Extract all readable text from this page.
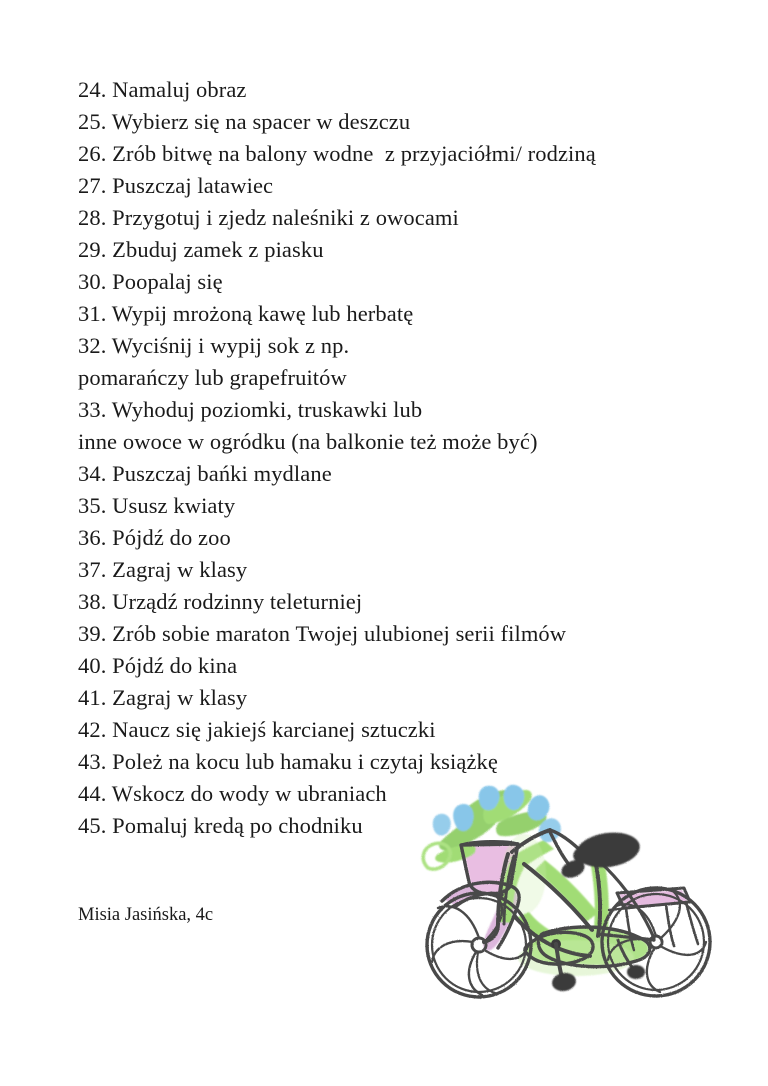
24. Namaluj obraz
25. Wybierz się na spacer w deszczu
26. Zrób bitwę na balony wodne  z przyjaciółmi/ rodziną
27. Puszczaj latawiec
28. Przygotuj i zjedz naleśniki z owocami
29. Zbuduj zamek z piasku
30. Poopalaj się
31. Wypij mrożoną kawę lub herbatę
32. Wyciśnij i wypij sok z np.
pomarańczy lub grapefruitów
33. Wyhoduj poziomki, truskawki lub
inne owoce w ogródku (na balkonie też może być)
34. Puszczaj bańki mydlane
35. Ususz kwiaty
36. Pójdź do zoo
37. Zagraj w klasy
38. Urządź rodzinny teleturniej
39. Zrób sobie maraton Twojej ulubionej serii filmów
40. Pójdź do kina
41. Zagraj w klasy
42. Naucz się jakiejś karcianej sztuczki
43. Poleż na kocu lub hamaku i czytaj książkę
44. Wskocz do wody w ubraniach
45. Pomaluj kredą po chodniku
Misia Jasińska, 4c
